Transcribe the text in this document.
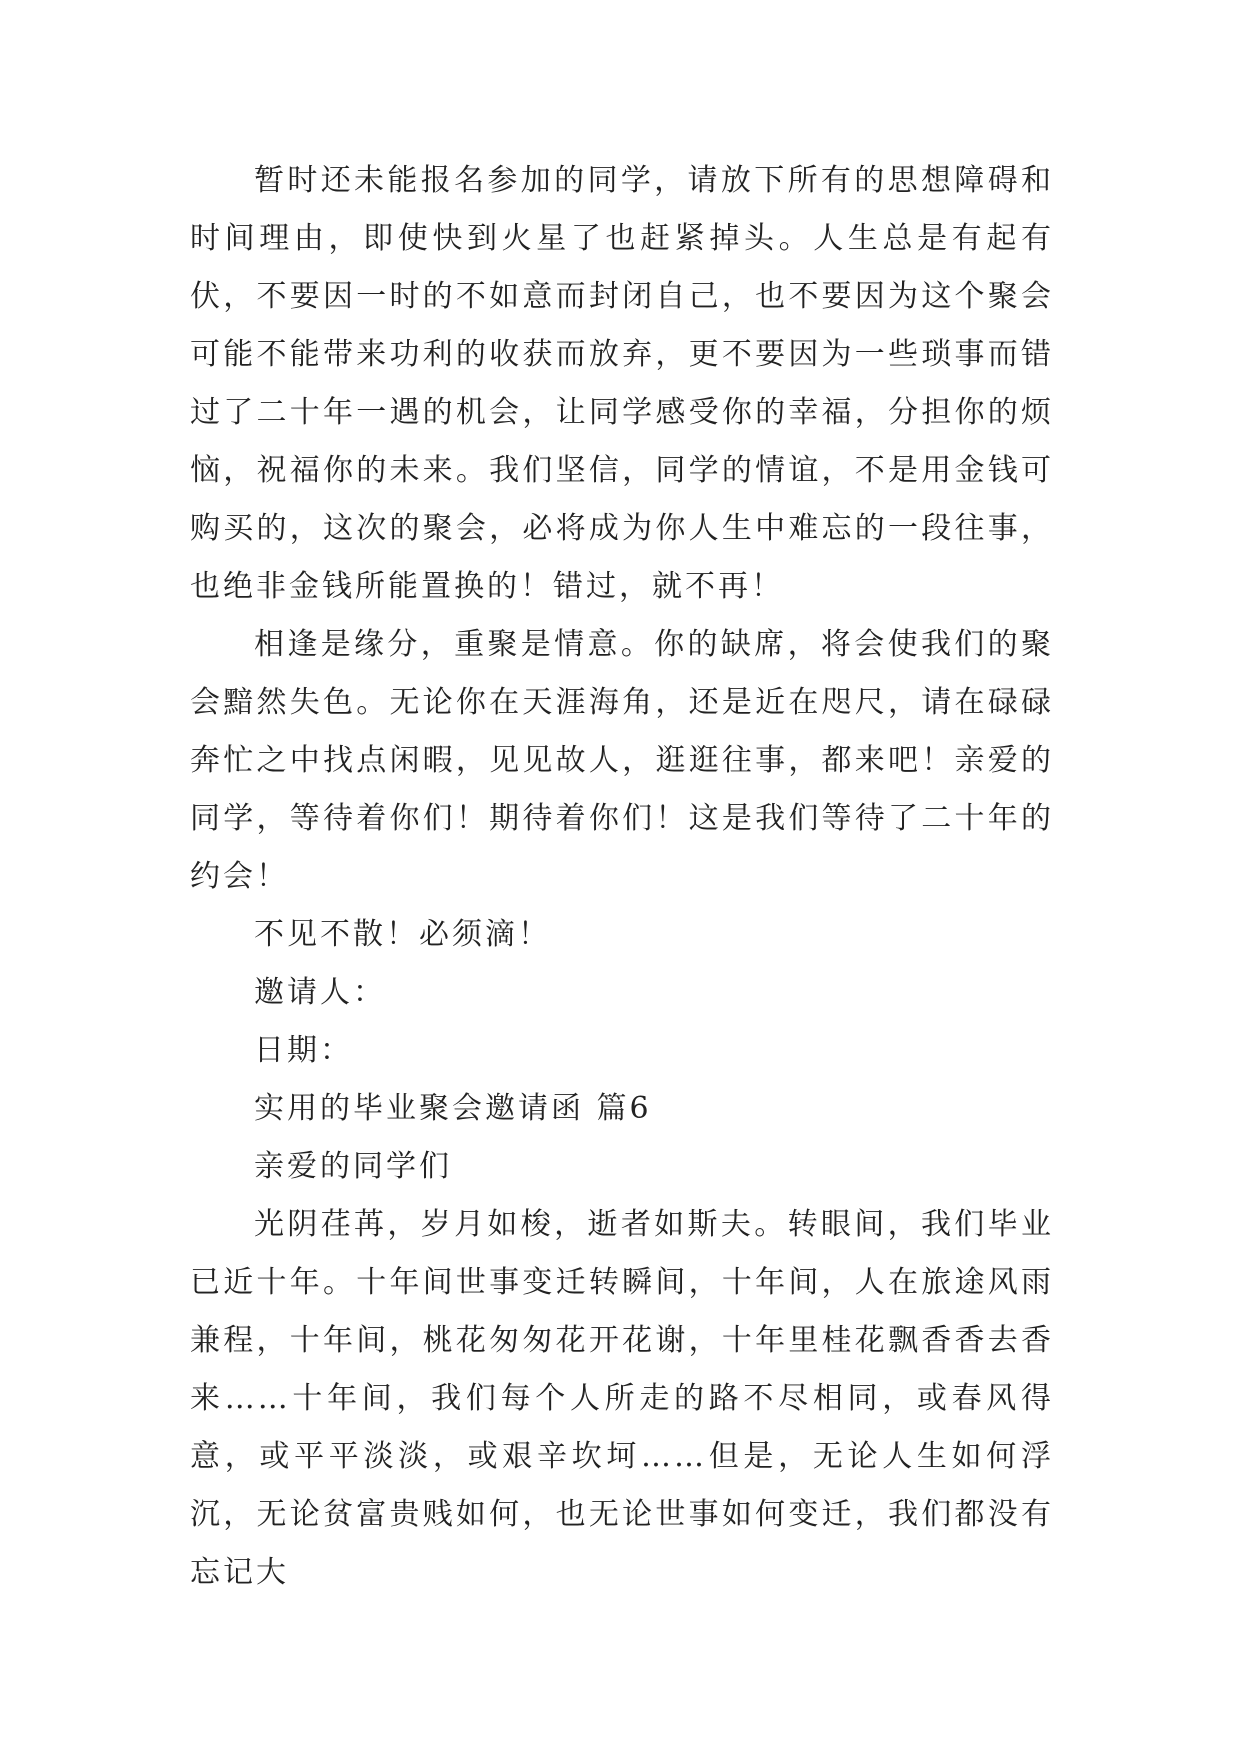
暂时还未能报名参加的同学，请放下所有的思想障碍和时间理由，即使快到火星了也赶紧掉头。人生总是有起有伏，不要因一时的不如意而封闭自己，也不要因为这个聚会可能不能带来功利的收获而放弃，更不要因为一些琐事而错过了二十年一遇的机会，让同学感受你的幸福，分担你的烦恼，祝福你的未来。我们坚信，同学的情谊，不是用金钱可购买的，这次的聚会，必将成为你人生中难忘的一段往事，也绝非金钱所能置换的！错过，就不再！

相逢是缘分，重聚是情意。你的缺席，将会使我们的聚会黯然失色。无论你在天涯海角，还是近在咫尺，请在碌碌奔忙之中找点闲暇，见见故人，逛逛往事，都来吧！亲爱的同学，等待着你们！期待着你们！这是我们等待了二十年的约会！

不见不散！必须滴！

邀请人：

日期：

实用的毕业聚会邀请函 篇6

亲爱的同学们

光阴荏苒，岁月如梭，逝者如斯夫。转眼间，我们毕业已近十年。十年间世事变迁转瞬间，十年间，人在旅途风雨兼程，十年间，桃花匆匆花开花谢，十年里桂花飘香香去香来……十年间，我们每个人所走的路不尽相同，或春风得意，或平平淡淡，或艰辛坎坷……但是，无论人生如何浮沉，无论贫富贵贱如何，也无论世事如何变迁，我们都没有忘记大
